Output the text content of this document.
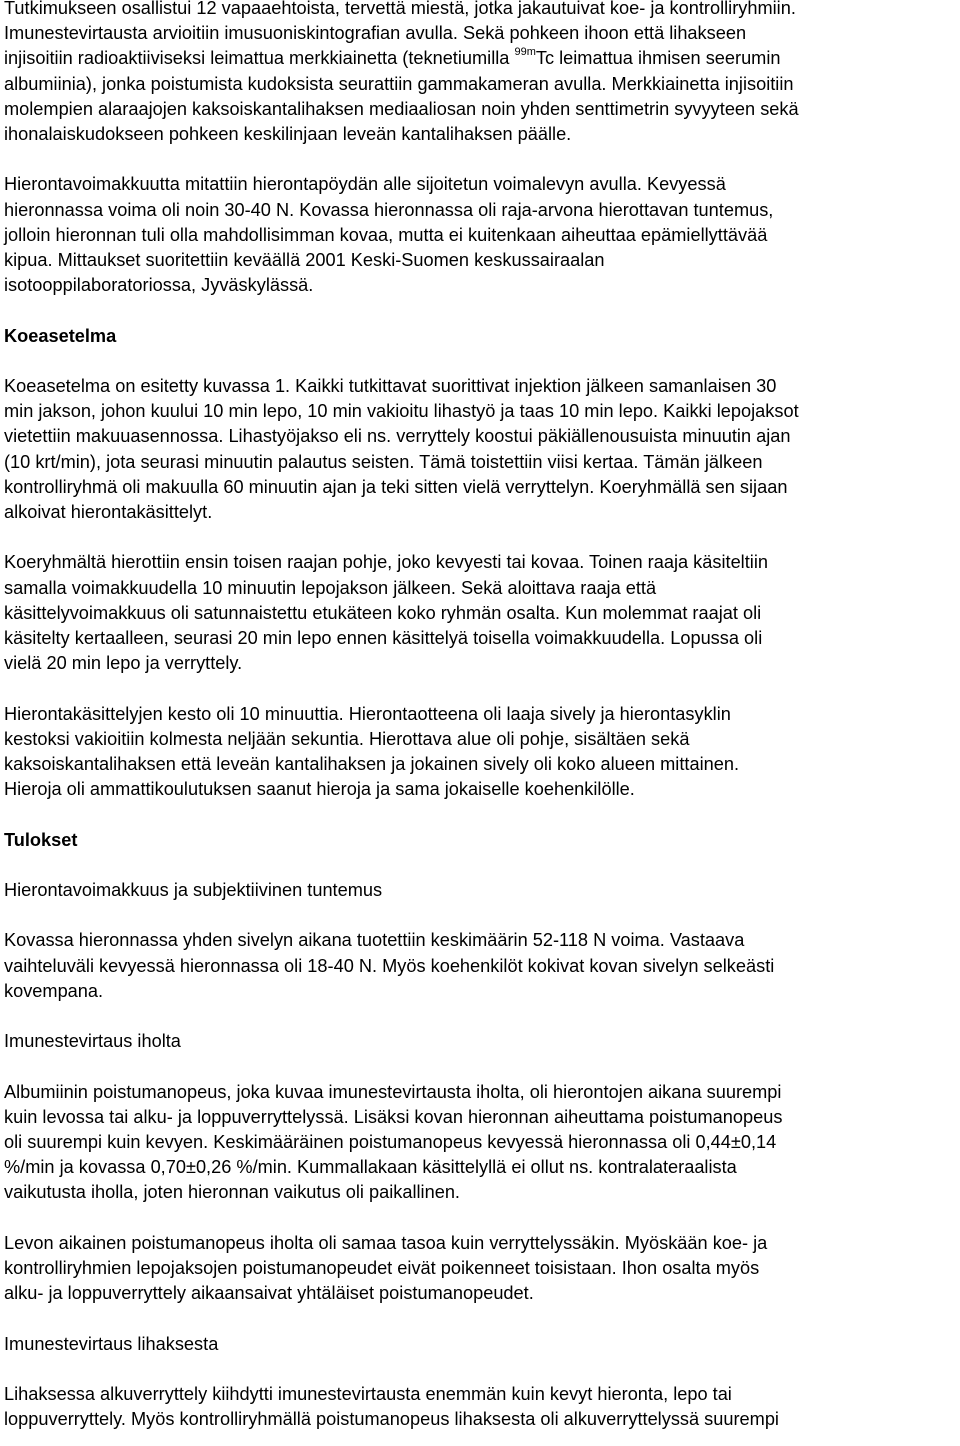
Tutkimukseen osallistui 12 vapaaehtoista, tervettä miestä, jotka jakautuivat koe- ja kontrolliryhmiin.

Imunestevirtausta arvioitiin imusuoniskintografian avulla. Sekä pohkeen ihoon että lihakseen

injisoitiin radioaktiiviseksi leimattua merkkiainetta (teknetiumilla $^{99m}$Tc leimattua ihmisen seerumin

albumiinia), jonka poistumista kudoksista seurattiin gammakameran avulla. Merkkiainetta injisoitiin

molempien alaraajojen kaksoiskantalihaksen mediaaliosan noin yhden senttimetrin syvyyteen sekä

ihonalaiskudokseen pohkeen keskilinjaan leveän kantalihaksen päälle.

Hierontavoimakkuutta mitattiin hierontapöydän alle sijoitetun voimalevyn avulla. Kevyessä

hieronnassa voima oli noin 30-40 N. Kovassa hieronnassa oli raja-arvona hierottavan tuntemus,

jolloin hieronnan tuli olla mahdollisimman kovaa, mutta ei kuitenkaan aiheuttaa epämiellyttävää

kipua. Mittaukset suoritettiin keväällä 2001 Keski-Suomen keskussairaalan

isotooppilaboratoriossa, Jyväskylässä.

Koeasetelma

Koeasetelma on esitetty kuvassa 1. Kaikki tutkittavat suorittivat injektion jälkeen samanlaisen 30

min jakson, johon kuului 10 min lepo, 10 min vakioitu lihastyö ja taas 10 min lepo. Kaikki lepojaksot

vietettiin makuuasennossa. Lihastyöjakso eli ns. verryttely koostui päkiällenousuista minuutin ajan

(10 krt/min), jota seurasi minuutin palautus seisten. Tämä toistettiin viisi kertaa. Tämän jälkeen

kontrolliryhmä oli makuulla 60 minuutin ajan ja teki sitten vielä verryttelyn. Koeryhmällä sen sijaan

alkoivat hierontakäsittelyt.

Koeryhmältä hierottiin ensin toisen raajan pohje, joko kevyesti tai kovaa. Toinen raaja käsiteltiin

samalla voimakkuudella 10 minuutin lepojakson jälkeen. Sekä aloittava raaja että

käsittelyvoimakkuus oli satunnaistettu etukäteen koko ryhmän osalta. Kun molemmat raajat oli

käsitelty kertaalleen, seurasi 20 min lepo ennen käsittelyä toisella voimakkuudella. Lopussa oli

vielä 20 min lepo ja verryttely.

Hierontakäsittelyjen kesto oli 10 minuuttia. Hierontaotteena oli laaja sively ja hierontasyklin

kestoksi vakioitiin kolmesta neljään sekuntia. Hierottava alue oli pohje, sisältäen sekä

kaksoiskantalihaksen että leveän kantalihaksen ja jokainen sively oli koko alueen mittainen.

Hieroja oli ammattikoulutuksen saanut hieroja ja sama jokaiselle koehenkilölle.

Tulokset

Hierontavoimakkuus ja subjektiivinen tuntemus

Kovassa hieronnassa yhden sivelyn aikana tuotettiin keskimäärin 52-118 N voima. Vastaava

vaihteluväli kevyessä hieronnassa oli 18-40 N. Myös koehenkilöt kokivat kovan sivelyn selkeästi

kovempana.

Imunestevirtaus iholta

Albumiinin poistumanopeus, joka kuvaa imunestevirtausta iholta, oli hierontojen aikana suurempi

kuin levossa tai alku- ja loppuverryttelyssä. Lisäksi kovan hieronnan aiheuttama poistumanopeus

oli suurempi kuin kevyen. Keskimääräinen poistumanopeus kevyessä hieronnassa oli 0,44±0,14

%/min ja kovassa 0,70±0,26 %/min. Kummallakaan käsittelyllä ei ollut ns. kontralateraalista

vaikutusta iholla, joten hieronnan vaikutus oli paikallinen.

Levon aikainen poistumanopeus iholta oli samaa tasoa kuin verryttelyssäkin. Myöskään koe- ja

kontrolliryhmien lepojaksojen poistumanopeudet eivät poikenneet toisistaan. Ihon osalta myös

alku- ja loppuverryttely aikaansaivat yhtäläiset poistumanopeudet.

Imunestevirtaus lihaksesta

Lihaksessa alkuverryttely kiihdytti imunestevirtausta enemmän kuin kevyt hieronta, lepo tai

loppuverryttely. Myös kontrolliryhmällä poistumanopeus lihaksesta oli alkuverryttelyssä suurempi
